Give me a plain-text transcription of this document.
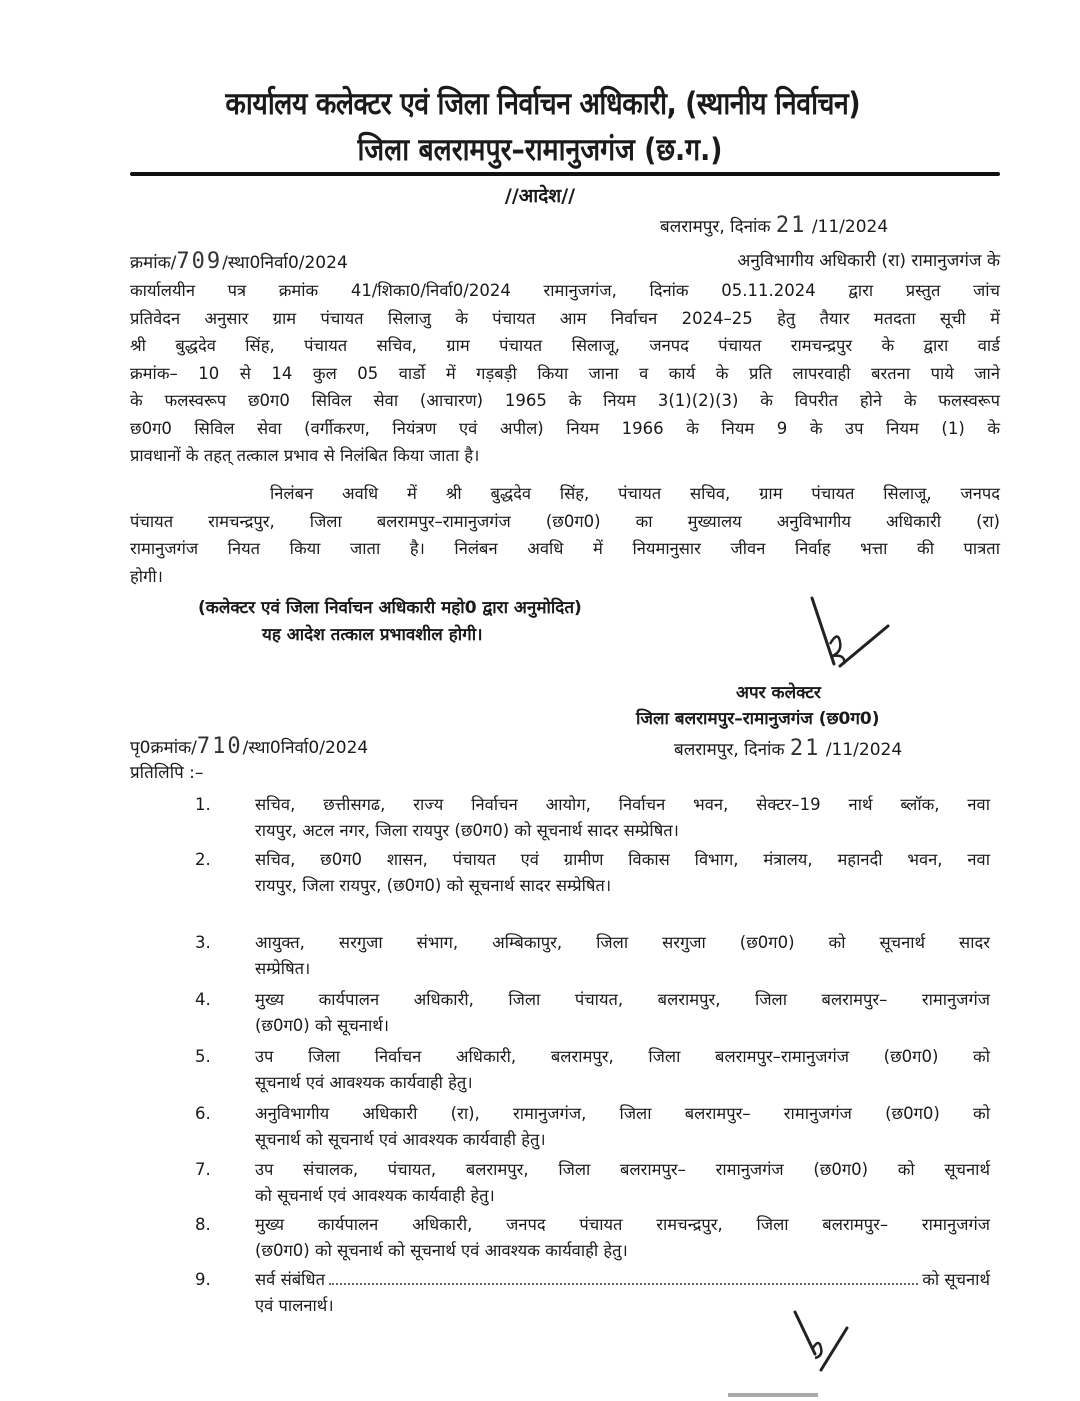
कार्यालय कलेक्टर एवं जिला निर्वाचन अधिकारी, (स्थानीय निर्वाचन)
जिला बलरामपुर–रामानुजगंज (छ.ग.)
//आदेश//
बलरामपुर, दिनांक 21 /11/2024
क्रमांक/709/स्था0निर्वा0/2024	अनुविभागीय अधिकारी (रा) रामानुजगंज के
कार्यालयीन पत्र क्रमांक 41/शिका0/निर्वा0/2024 रामानुजगंज, दिनांक 05.11.2024 द्वारा प्रस्तुत जांच
प्रतिवेदन अनुसार ग्राम पंचायत सिलाजु के पंचायत आम निर्वाचन 2024–25 हेतु तैयार मतदता सूची में
श्री बुद्धदेव सिंह, पंचायत सचिव, ग्राम पंचायत सिलाजू, जनपद पंचायत रामचन्द्रपुर के द्वारा वार्ड
क्रमांक– 10 से 14 कुल 05 वार्डो में गड़बड़ी किया जाना व कार्य के प्रति लापरवाही बरतना पाये जाने
के फलस्वरूप छ0ग0 सिविल सेवा (आचारण) 1965 के नियम 3(1)(2)(3) के विपरीत होने के फलस्वरूप
छ0ग0 सिविल सेवा (वर्गीकरण, नियंत्रण एवं अपील) नियम 1966 के नियम 9 के उप नियम (1) के
प्रावधानों के तहत् तत्काल प्रभाव से निलंबित किया जाता है।
निलंबन अवधि में श्री बुद्धदेव सिंह, पंचायत सचिव, ग्राम पंचायत सिलाजू, जनपद
पंचायत रामचन्द्रपुर, जिला बलरामपुर–रामानुजगंज (छ0ग0) का मुख्यालय अनुविभागीय अधिकारी (रा)
रामानुजगंज नियत किया जाता है। निलंबन अवधि में नियमानुसार जीवन निर्वाह भत्ता की पात्रता
होगी।
(कलेक्टर एवं जिला निर्वाचन अधिकारी महो0 द्वारा अनुमोदित)
यह आदेश तत्काल प्रभावशील होगी।
अपर कलेक्टर
जिला बलरामपुर–रामानुजगंज (छ0ग0)
बलरामपुर, दिनांक 21 /11/2024
पृ0क्रमांक/710/स्था0निर्वा0/2024
प्रतिलिपि :–
1.	सचिव, छत्तीसगढ, राज्य निर्वाचन आयोग, निर्वाचन भवन, सेक्टर–19 नार्थ ब्लॉक, नवा
रायपुर, अटल नगर, जिला रायपुर (छ0ग0) को सूचनार्थ सादर सम्प्रेषित।
2.	सचिव, छ0ग0 शासन, पंचायत एवं ग्रामीण विकास विभाग, मंत्रालय, महानदी भवन, नवा
रायपुर, जिला रायपुर, (छ0ग0) को सूचनार्थ सादर सम्प्रेषित।
3.	आयुक्त, सरगुजा संभाग, अम्बिकापुर, जिला सरगुजा (छ0ग0) को सूचनार्थ सादर
सम्प्रेषित।
4.	मुख्य कार्यपालन अधिकारी, जिला पंचायत, बलरामपुर, जिला बलरामपुर– रामानुजगंज
(छ0ग0) को सूचनार्थ।
5.	उप जिला निर्वाचन अधिकारी, बलरामपुर, जिला बलरामपुर–रामानुजगंज (छ0ग0) को
सूचनार्थ एवं आवश्यक कार्यवाही हेतु।
6.	अनुविभागीय अधिकारी (रा), रामानुजगंज, जिला बलरामपुर– रामानुजगंज (छ0ग0) को
सूचनार्थ को सूचनार्थ एवं आवश्यक कार्यवाही हेतु।
7.	उप संचालक, पंचायत, बलरामपुर, जिला बलरामपुर– रामानुजगंज (छ0ग0) को सूचनार्थ
को सूचनार्थ एवं आवश्यक कार्यवाही हेतु।
8.	मुख्य कार्यपालन अधिकारी, जनपद पंचायत रामचन्द्रपुर, जिला बलरामपुर– रामानुजगंज
(छ0ग0) को सूचनार्थ को सूचनार्थ एवं आवश्यक कार्यवाही हेतु।
9.	सर्व संबंधित	को सूचनार्थ
एवं पालनार्थ।
